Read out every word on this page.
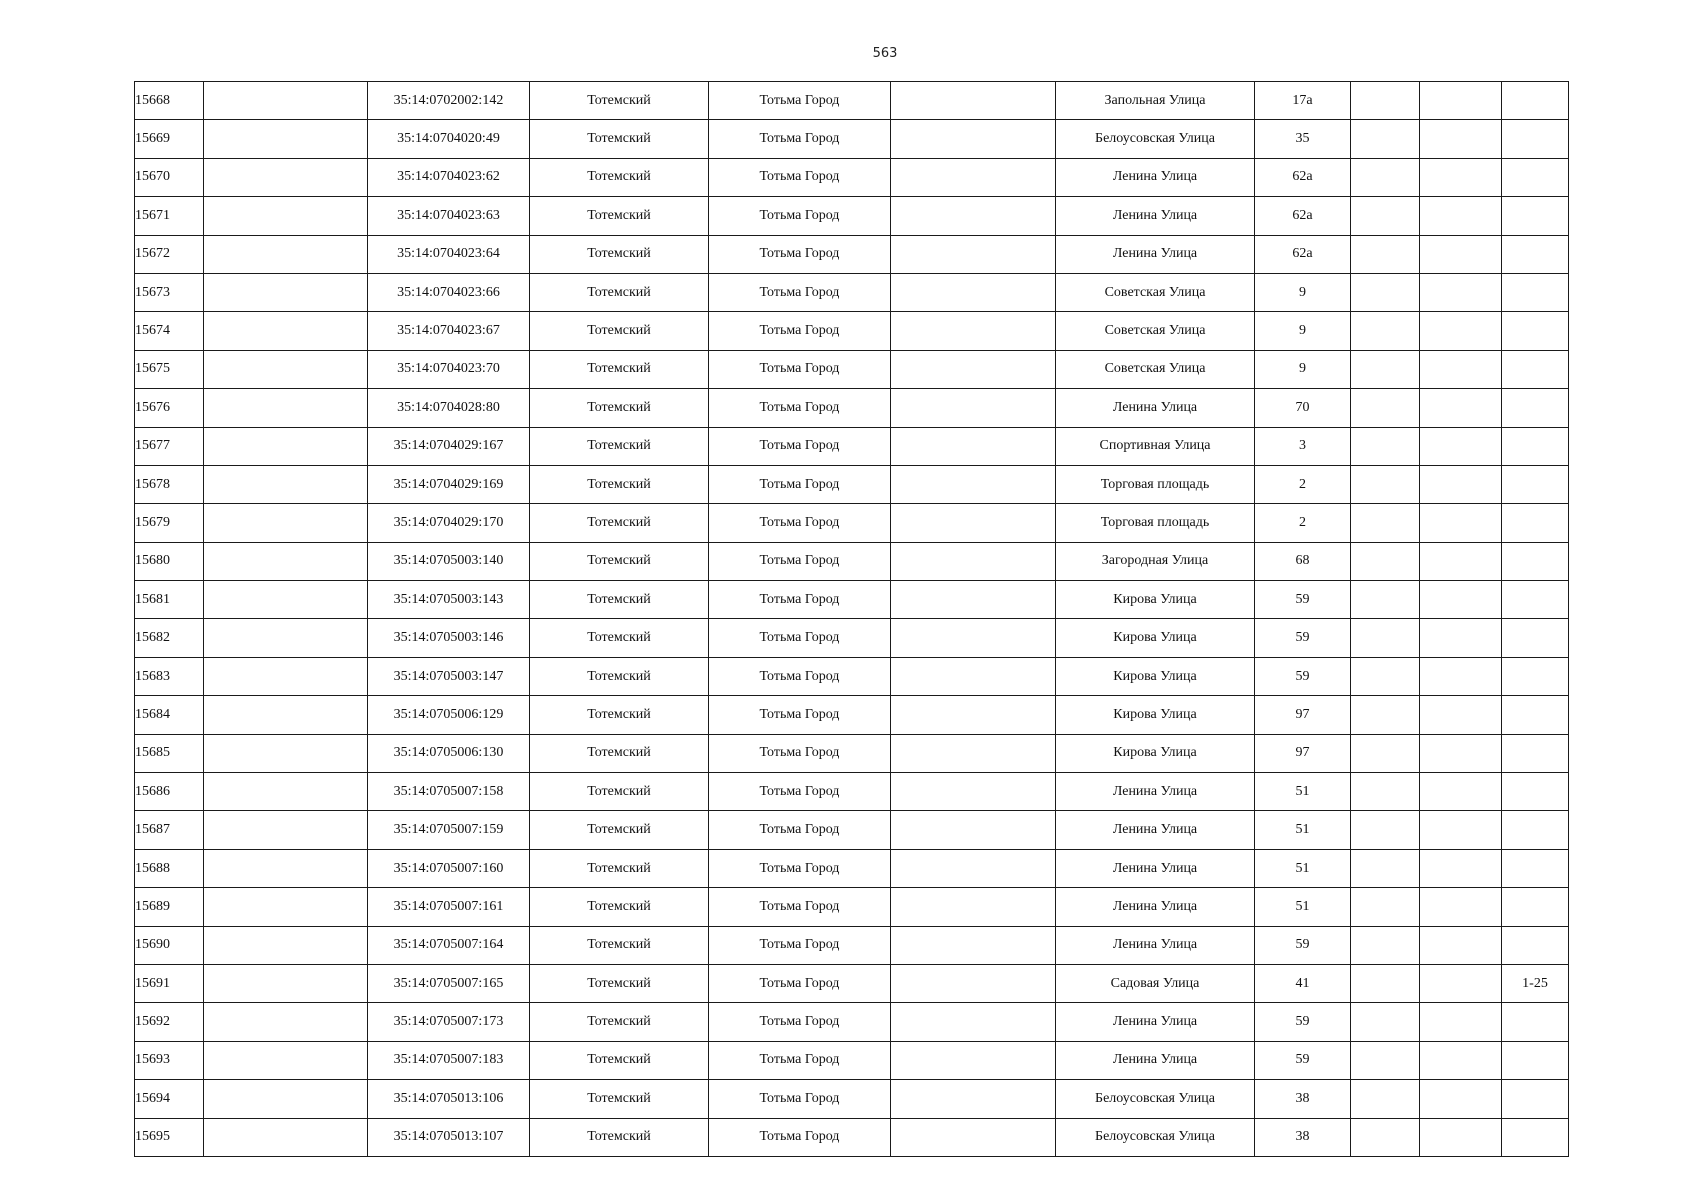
563
15668		35:14:0702002:142	Тотемский	Тотьма Город		Запольная Улица	17а			
15669		35:14:0704020:49	Тотемский	Тотьма Город		Белоусовская Улица	35			
15670		35:14:0704023:62	Тотемский	Тотьма Город		Ленина Улица	62а			
15671		35:14:0704023:63	Тотемский	Тотьма Город		Ленина Улица	62а			
15672		35:14:0704023:64	Тотемский	Тотьма Город		Ленина Улица	62а			
15673		35:14:0704023:66	Тотемский	Тотьма Город		Советская Улица	9			
15674		35:14:0704023:67	Тотемский	Тотьма Город		Советская Улица	9			
15675		35:14:0704023:70	Тотемский	Тотьма Город		Советская Улица	9			
15676		35:14:0704028:80	Тотемский	Тотьма Город		Ленина Улица	70			
15677		35:14:0704029:167	Тотемский	Тотьма Город		Спортивная Улица	3			
15678		35:14:0704029:169	Тотемский	Тотьма Город		Торговая площадь	2			
15679		35:14:0704029:170	Тотемский	Тотьма Город		Торговая площадь	2			
15680		35:14:0705003:140	Тотемский	Тотьма Город		Загородная Улица	68			
15681		35:14:0705003:143	Тотемский	Тотьма Город		Кирова Улица	59			
15682		35:14:0705003:146	Тотемский	Тотьма Город		Кирова Улица	59			
15683		35:14:0705003:147	Тотемский	Тотьма Город		Кирова Улица	59			
15684		35:14:0705006:129	Тотемский	Тотьма Город		Кирова Улица	97			
15685		35:14:0705006:130	Тотемский	Тотьма Город		Кирова Улица	97			
15686		35:14:0705007:158	Тотемский	Тотьма Город		Ленина Улица	51			
15687		35:14:0705007:159	Тотемский	Тотьма Город		Ленина Улица	51			
15688		35:14:0705007:160	Тотемский	Тотьма Город		Ленина Улица	51			
15689		35:14:0705007:161	Тотемский	Тотьма Город		Ленина Улица	51			
15690		35:14:0705007:164	Тотемский	Тотьма Город		Ленина Улица	59			
15691		35:14:0705007:165	Тотемский	Тотьма Город		Садовая Улица	41			1-25
15692		35:14:0705007:173	Тотемский	Тотьма Город		Ленина Улица	59			
15693		35:14:0705007:183	Тотемский	Тотьма Город		Ленина Улица	59			
15694		35:14:0705013:106	Тотемский	Тотьма Город		Белоусовская Улица	38			
15695		35:14:0705013:107	Тотемский	Тотьма Город		Белоусовская Улица	38			
